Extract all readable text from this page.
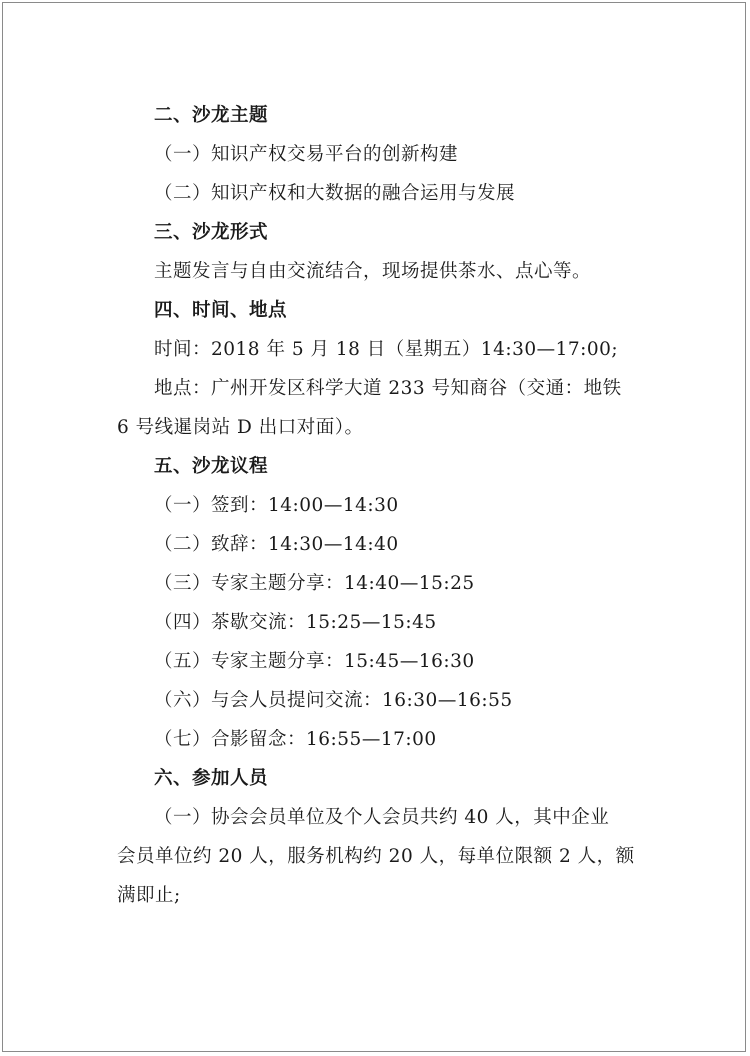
二、沙龙主题
（一）知识产权交易平台的创新构建
（二）知识产权和大数据的融合运用与发展
三、沙龙形式
主题发言与自由交流结合，现场提供茶水、点心等。
四、时间、地点
时间：2018 年 5 月 18 日（星期五）14:30—17:00;
地点：广州开发区科学大道 233 号知商谷（交通：地铁
6 号线暹岗站 D 出口对面）。
五、沙龙议程
（一）签到：14:00—14:30
（二）致辞：14:30—14:40
（三）专家主题分享：14:40—15:25
（四）茶歇交流：15:25—15:45
（五）专家主题分享：15:45—16:30
（六）与会人员提问交流：16:30—16:55
（七）合影留念：16:55—17:00
六、参加人员
（一）协会会员单位及个人会员共约 40 人，其中企业
会员单位约 20 人，服务机构约 20 人，每单位限额 2 人，额
满即止;
